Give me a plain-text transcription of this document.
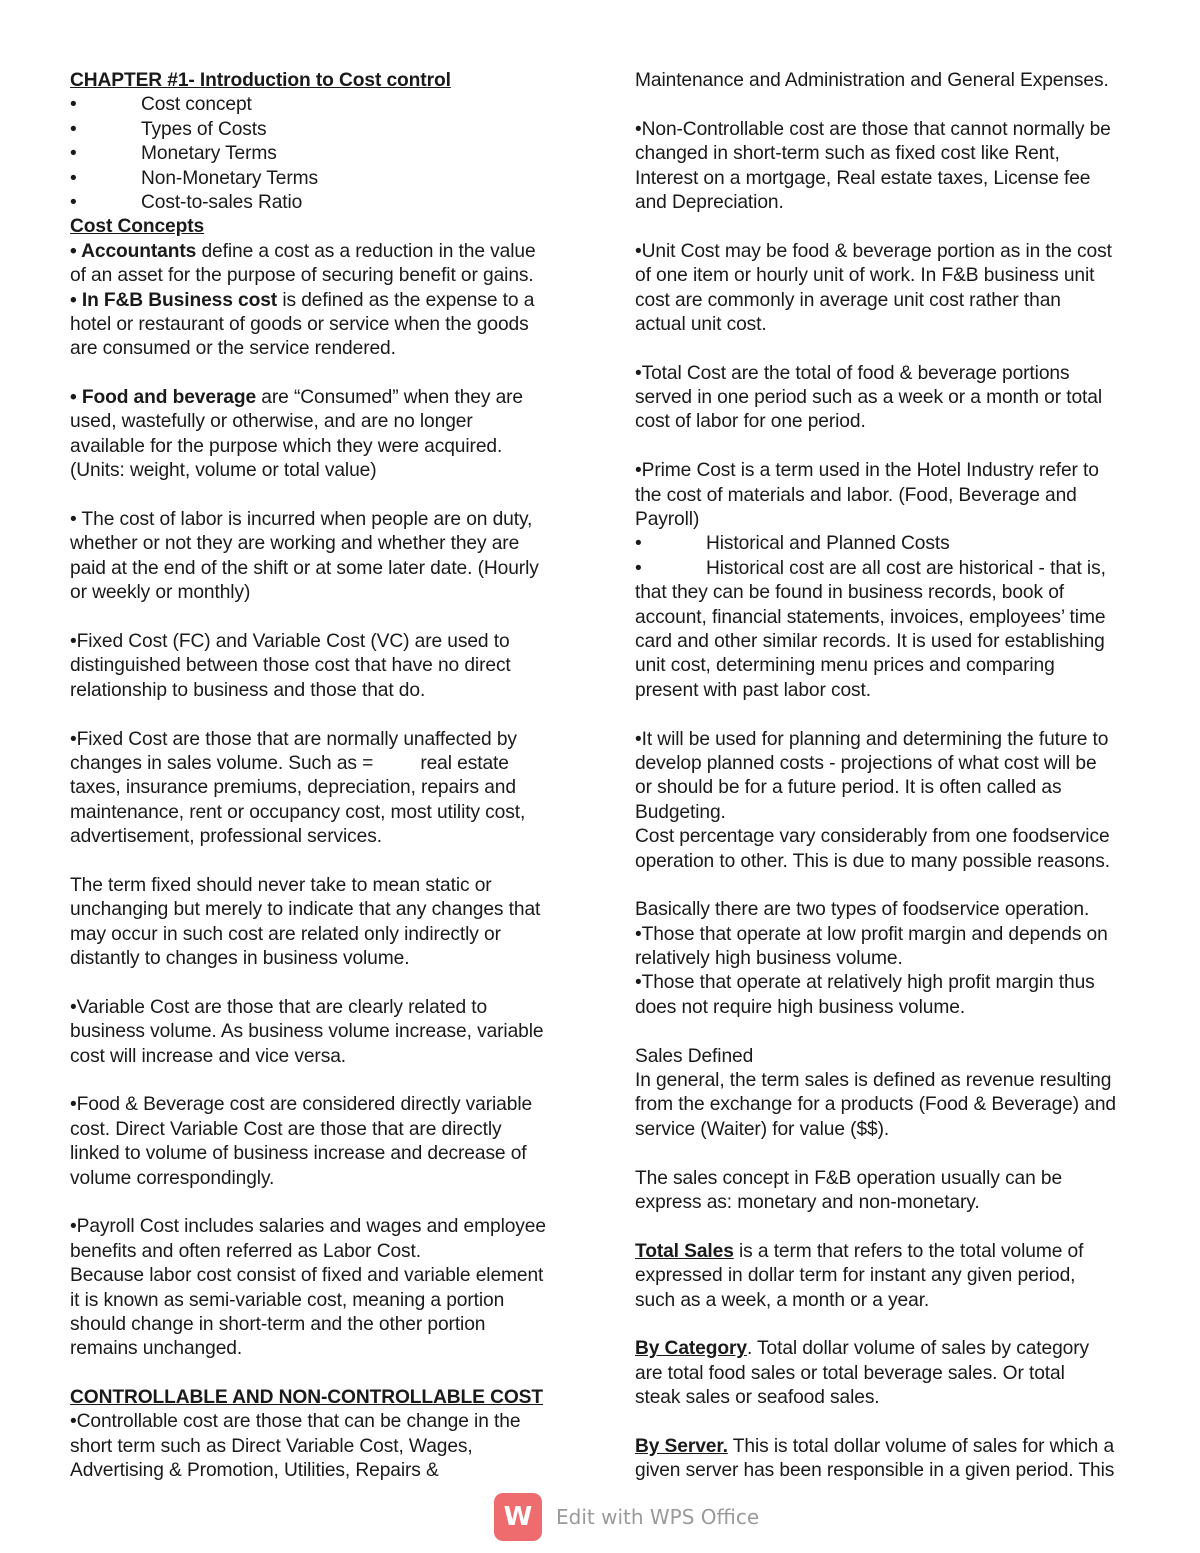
CHAPTER #1- Introduction to Cost control
•	Cost concept
•	Types of Costs
•	Monetary Terms
•	Non-Monetary Terms
•	Cost-to-sales Ratio
Cost Concepts
• Accountants define a cost as a reduction in the value
of an asset for the purpose of securing benefit or gains.
• In F&B Business cost is defined as the expense to a
hotel or restaurant of goods or service when the goods
are consumed or the service rendered.
• Food and beverage are “Consumed” when they are
used, wastefully or otherwise, and are no longer
available for the purpose which they were acquired.
(Units: weight, volume or total value)
• The cost of labor is incurred when people are on duty,
whether or not they are working and whether they are
paid at the end of the shift or at some later date. (Hourly
or weekly or monthly)
•Fixed Cost (FC) and Variable Cost (VC) are used to
distinguished between those cost that have no direct
relationship to business and those that do.
•Fixed Cost are those that are normally unaffected by
changes in sales volume. Such as =         real estate
taxes, insurance premiums, depreciation, repairs and
maintenance, rent or occupancy cost, most utility cost,
advertisement, professional services.
The term fixed should never take to mean static or
unchanging but merely to indicate that any changes that
may occur in such cost are related only indirectly or
distantly to changes in business volume.
•Variable Cost are those that are clearly related to
business volume. As business volume increase, variable
cost will increase and vice versa.
•Food & Beverage cost are considered directly variable
cost. Direct Variable Cost are those that are directly
linked to volume of business increase and decrease of
volume correspondingly.
•Payroll Cost includes salaries and wages and employee
benefits and often referred as Labor Cost.
Because labor cost consist of fixed and variable element
it is known as semi-variable cost, meaning a portion
should change in short-term and the other portion
remains unchanged.
CONTROLLABLE AND NON-CONTROLLABLE COST
•Controllable cost are those that can be change in the
short term such as Direct Variable Cost, Wages,
Advertising & Promotion, Utilities, Repairs &
Maintenance and Administration and General Expenses.
•Non-Controllable cost are those that cannot normally be
changed in short-term such as fixed cost like Rent,
Interest on a mortgage, Real estate taxes, License fee
and Depreciation.
•Unit Cost may be food & beverage portion as in the cost
of one item or hourly unit of work. In F&B business unit
cost are commonly in average unit cost rather than
actual unit cost.
•Total Cost are the total of food & beverage portions
served in one period such as a week or a month or total
cost of labor for one period.
•Prime Cost is a term used in the Hotel Industry refer to
the cost of materials and labor. (Food, Beverage and
Payroll)
•	Historical and Planned Costs
•	Historical cost are all cost are historical - that is,
that they can be found in business records, book of
account, financial statements, invoices, employees’ time
card and other similar records. It is used for establishing
unit cost, determining menu prices and comparing
present with past labor cost.
•It will be used for planning and determining the future to
develop planned costs - projections of what cost will be
or should be for a future period. It is often called as
Budgeting.
Cost percentage vary considerably from one foodservice
operation to other. This is due to many possible reasons.
Basically there are two types of foodservice operation.
•Those that operate at low profit margin and depends on
relatively high business volume.
•Those that operate at relatively high profit margin thus
does not require high business volume.
Sales Defined
In general, the term sales is defined as revenue resulting
from the exchange for a products (Food & Beverage) and
service (Waiter) for value ($$).
The sales concept in F&B operation usually can be
express as: monetary and non-monetary.
Total Sales is a term that refers to the total volume of
expressed in dollar term for instant any given period,
such as a week, a month or a year.
By Category. Total dollar volume of sales by category
are total food sales or total beverage sales. Or total
steak sales or seafood sales.
By Server. This is total dollar volume of sales for which a
given server has been responsible in a given period. This
W	Edit with WPS Office
